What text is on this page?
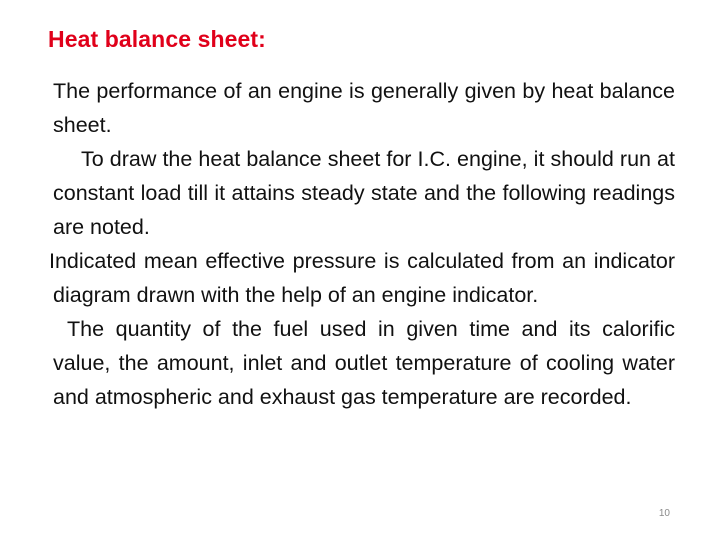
Heat balance sheet:

The performance of an engine is generally given by heat balance sheet.

To draw the heat balance sheet for I.C. engine, it should run at constant load till it attains steady state and the following readings are noted.

Indicated mean effective pressure is calculated from an indicator diagram drawn with the help of an engine indicator.

The quantity of the fuel used in given time and its calorific value, the amount, inlet and outlet temperature of cooling water and atmospheric and exhaust gas temperature are recorded.

10
